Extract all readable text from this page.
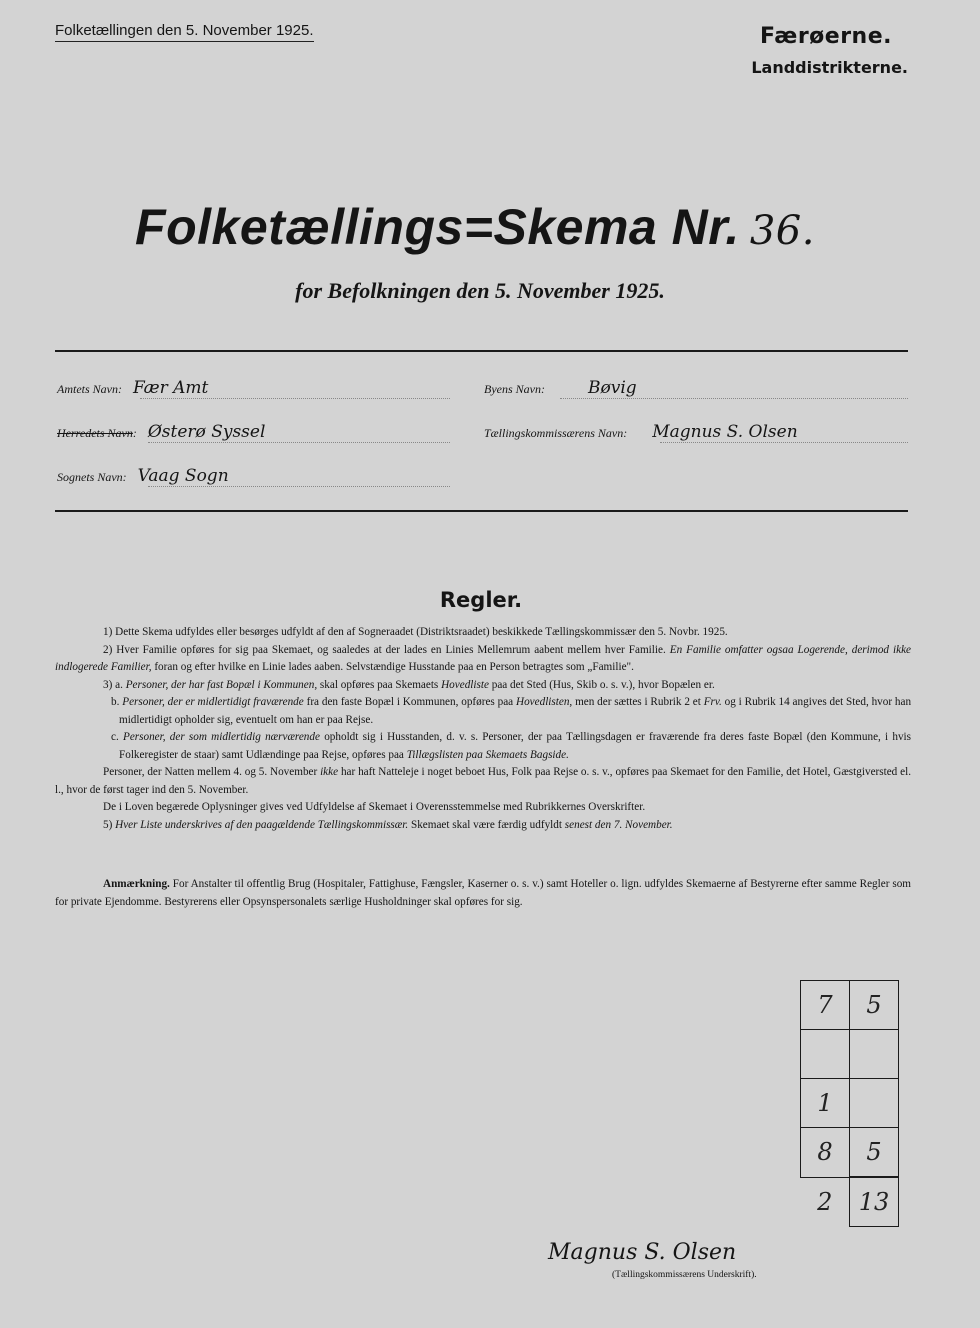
Folketællingen den 5. November 1925.	Færøerne.
Landdistrikterne.
Folketællings=Skema Nr. 36.
for Befolkningen den 5. November 1925.
Amtets Navn: Fær Amt
Herredets Navn: Østerø Syssel
Sognets Navn: Vaag Sogn
Byens Navn:	Bøvig
Tællingskommissærens Navn: Magnus S. Olsen
Regler.

1) Dette Skema udfyldes eller besørges udfyldt af den af Sogneraadet (Distriktsraadet) beskikkede Tællingskommissær den 5. Novbr. 1925.

2) Hver Familie opføres for sig paa Skemaet, og saaledes at der lades en Linies Mellemrum aabent mellem hver Familie. En Familie omfatter ogsaa Logerende, derimod ikke indlogerede Familier, foran og efter hvilke en Linie lades aaben. Selvstændige Husstande paa en Person betragtes som „Familie".

3) a. Personer, der har fast Bopæl i Kommunen, skal opføres paa Skemaets Hovedliste paa det Sted (Hus, Skib o. s. v.), hvor Bopælen er.

b. Personer, der er midlertidigt fraværende fra den faste Bopæl i Kommunen, opføres paa Hovedlisten, men der sættes i Rubrik 2 et Frv. og i Rubrik 14 angives det Sted, hvor han midlertidigt opholder sig, eventuelt om han er paa Rejse.

c. Personer, der som midlertidig nærværende opholdt sig i Husstanden, d. v. s. Personer, der paa Tællingsdagen er fraværende fra deres faste Bopæl (den Kommune, i hvis Folkeregister de staar) samt Udlændinge paa Rejse, opføres paa Tillægslisten paa Skemaets Bagside.

Personer, der Natten mellem 4. og 5. November ikke har haft Natteleje i noget beboet Hus, Folk paa Rejse o. s. v., opføres paa Skemaet for den Familie, det Hotel, Gæstgiversted el. l., hvor de først tager ind den 5. November.

De i Loven begærede Oplysninger gives ved Udfyldelse af Skemaet i Overensstemmelse med Rubrikkernes Overskrifter.

5) Hver Liste underskrives af den paagældende Tællingskommissær. Skemaet skal være færdig udfyldt senest den 7. November.

Anmærkning. For Anstalter til offentlig Brug (Hospitaler, Fattighuse, Fængsler, Kaserner o. s. v.) samt Hoteller o. lign. udfyldes Skemaerne af Bestyrerne efter samme Regler som for private Ejendomme. Bestyrerens eller Opsynspersonalets særlige Husholdninger skal opføres for sig.
7	5

1	
8	5
2	13
Magnus S. Olsen
(Tællingskommissærens Underskrift).
